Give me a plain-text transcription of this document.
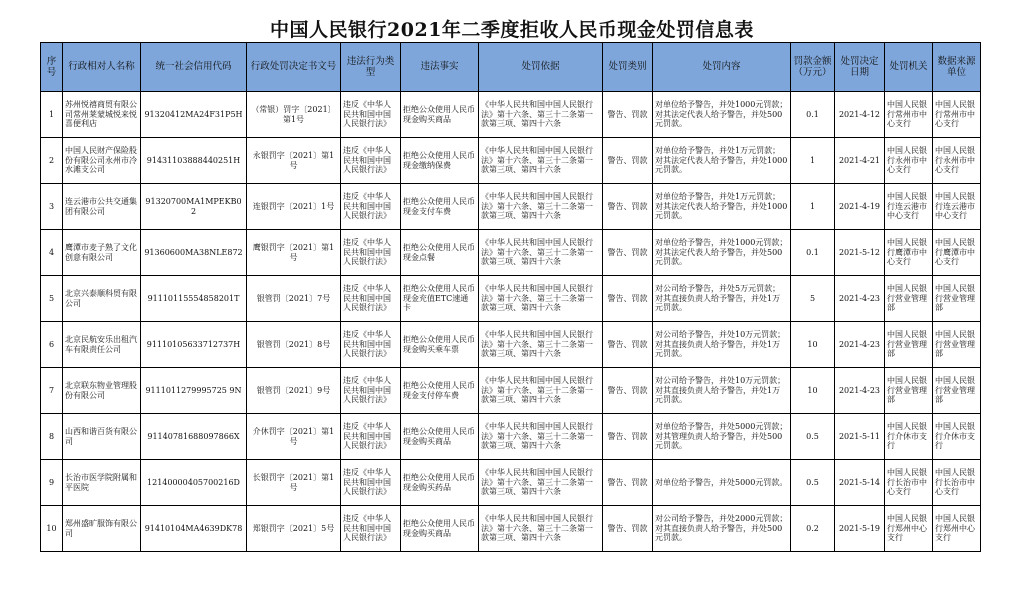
中国人民银行2021年二季度拒收人民币现金处罚信息表
序号	行政相对人名称	统一社会信用代码	行政处罚决定书文号	违法行为类型	违法事实	处罚依据	处罚类别	处罚内容	罚款金额（万元）	处罚决定日期	处罚机关	数据来源单位
1	苏州悦禧商贸有限公司常州莱蒙城悦来悦喜便利店	91320412MA24F31P5H	（常银）罚字〔2021〕第1号	违反《中华人民共和国中国人民银行法》	拒绝公众使用人民币现金购买商品	《中华人民共和国中国人民银行法》第十六条、第三十二条第一款第三项、第四十六条	警告、罚款	对单位给予警告，并处1000元罚款；对其法定代表人给予警告，并处500元罚款。	0.1	2021-4-12	中国人民银行常州市中心支行	中国人民银行常州市中心支行
2	中国人民财产保险股份有限公司永州市冷水滩支公司	91431103888440251H	永银罚字〔2021〕第1号	违反《中华人民共和国中国人民银行法》	拒绝公众使用人民币现金缴纳保费	《中华人民共和国中国人民银行法》第十六条、第三十二条第一款第三项、第四十六条	警告、罚款	对单位给予警告，并处1万元罚款；对其法定代表人给予警告，并处1000元罚款。	1	2021-4-21	中国人民银行永州市中心支行	中国人民银行永州市中心支行
3	连云港市公共交通集团有限公司	91320700MA1MPEKB02	连银罚字〔2021〕1号	违反《中华人民共和国中国人民银行法》	拒绝公众使用人民币现金支付车费	《中华人民共和国中国人民银行法》第十六条、第三十二条第一款第三项、第四十六条	警告、罚款	对单位给予警告，并处1万元罚款；对其法定代表人给予警告，并处1000元罚款。	1	2021-4-19	中国人民银行连云港市中心支行	中国人民银行连云港市中心支行
4	鹰潭市麦子熟了文化创意有限公司	91360600MA38NLE872	鹰银罚字〔2021〕第1号	违反《中华人民共和国中国人民银行法》	拒绝公众使用人民币现金点餐	《中华人民共和国中国人民银行法》第十六条、第三十二条第一款第三项、第四十六条	警告、罚款	对单位给予警告，并处1000元罚款；对其法定代表人给予警告，并处500元罚款。	0.1	2021-5-12	中国人民银行鹰潭市中心支行	中国人民银行鹰潭市中心支行
5	北京兴泰顺科贸有限公司	91110115554858201T	银管罚〔2021〕7号	违反《中华人民共和国中国人民银行法》	拒绝公众使用人民币现金充值ETC速通卡	《中华人民共和国中国人民银行法》第十六条、第三十二条第一款第三项、第四十六条	警告、罚款	对公司给予警告，并处5万元罚款；对其直接负责人给予警告，并处1万元罚款。	5	2021-4-23	中国人民银行营业管理部	中国人民银行营业管理部
6	北京民航安乐出租汽车有限责任公司	91110105633712737H	银管罚〔2021〕8号	违反《中华人民共和国中国人民银行法》	拒绝公众使用人民币现金购买乘车票	《中华人民共和国中国人民银行法》第十六条、第三十二条第一款第三项、第四十六条	警告、罚款	对公司给予警告，并处10万元罚款；对其直接负责人给予警告，并处1万元罚款。	10	2021-4-23	中国人民银行营业管理部	中国人民银行营业管理部
7	北京联东物业管理股份有限公司	9111011279995725 9N	银管罚〔2021〕9号	违反《中华人民共和国中国人民银行法》	拒绝公众使用人民币现金支付停车费	《中华人民共和国中国人民银行法》第十六条、第三十二条第一款第三项、第四十六条	警告、罚款	对公司给予警告，并处10万元罚款；对其直接负责人给予警告，并处1万元罚款。	10	2021-4-23	中国人民银行营业管理部	中国人民银行营业管理部
8	山西和谐百货有限公司	91140781688097866X	介休罚字〔2021〕第1号	违反《中华人民共和国中国人民银行法》	拒绝公众使用人民币现金购买商品	《中华人民共和国中国人民银行法》第十六条、第三十二条第一款第三项、第四十六条	警告、罚款	对单位给予警告，并处5000元罚款；对其管理负责人给予警告，并处500元罚款。	0.5	2021-5-11	中国人民银行介休市支行	中国人民银行介休市支行
9	长治市医学院附属和平医院	12140000405700216D	长银罚字〔2021〕第1号	违反《中华人民共和国中国人民银行法》	拒绝公众使用人民币现金购买药品	《中华人民共和国中国人民银行法》第十六条、第三十二条第一款第三项、第四十六条	警告、罚款	对单位给予警告，并处5000元罚款。	0.5	2021-5-14	中国人民银行长治市中心支行	中国人民银行长治市中心支行
10	郑州盛旷服饰有限公司	91410104MA4639DK78	郑银罚字〔2021〕5号	违反《中华人民共和国中国人民银行法》	拒绝公众使用人民币现金购买商品	《中华人民共和国中国人民银行法》第十六条、第三十二条第一款第三项、第四十六条	警告、罚款	对公司给予警告，并处2000元罚款；对其直接负责人给予警告，并处500元罚款。	0.2	2021-5-19	中国人民银行郑州中心支行	中国人民银行郑州中心支行
